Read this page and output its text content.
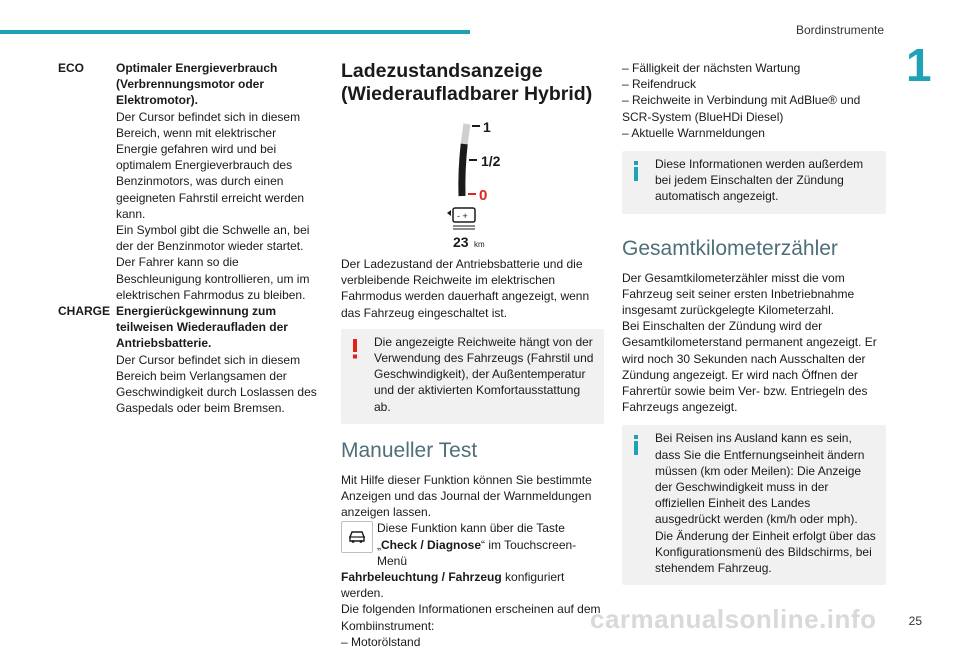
Bordinstrumente
1
ECO	Optimaler Energieverbrauch (Verbrennungsmotor oder Elektromotor).
Der Cursor befindet sich in diesem Bereich, wenn mit elektrischer Energie gefahren wird und bei optimalem Energieverbrauch des Benzinmotors, was durch einen geeigneten Fahrstil erreicht werden kann.
Ein Symbol gibt die Schwelle an, bei der der Benzinmotor wieder startet. Der Fahrer kann so die Beschleunigung kontrollieren, um im elektrischen Fahrmodus zu bleiben.
CHARGE Energierückgewinnung zum teilweisen Wiederaufladen der Antriebsbatterie.
Der Cursor befindet sich in diesem Bereich beim Verlangsamen der Geschwindigkeit durch Loslassen des Gaspedals oder beim Bremsen.
Ladezustandsanzeige (Wiederaufladbarer Hybrid)
1
1/2
0
- +
23 km

Der Ladezustand der Antriebsbatterie und die verbleibende Reichweite im elektrischen Fahrmodus werden dauerhaft angezeigt, wenn das Fahrzeug eingeschaltet ist.

Die angezeigte Reichweite hängt von der Verwendung des Fahrzeugs (Fahrstil und Geschwindigkeit), der Außentemperatur und der aktivierten Komfortausstattung ab.
Manueller Test

Mit Hilfe dieser Funktion können Sie bestimmte Anzeigen und das Journal der Warnmeldungen anzeigen lassen.

Diese Funktion kann über die Taste „Check / Diagnose“ im Touchscreen-Menü

Fahrbeleuchtung / Fahrzeug konfiguriert werden.

Die folgenden Informationen erscheinen auf dem Kombiinstrument:

– Motorölstand

– Fälligkeit der nächsten Wartung

– Reifendruck

– Reichweite in Verbindung mit AdBlue® und SCR-System (BlueHDi Diesel)

– Aktuelle Warnmeldungen

Diese Informationen werden außerdem bei jedem Einschalten der Zündung automatisch angezeigt.
Gesamtkilometerzähler

Der Gesamtkilometerzähler misst die vom Fahrzeug seit seiner ersten Inbetriebnahme insgesamt zurückgelegte Kilometerzahl.

Bei Einschalten der Zündung wird der Gesamtkilometerstand permanent angezeigt. Er wird noch 30 Sekunden nach Ausschalten der Zündung angezeigt. Er wird nach Öffnen der Fahrertür sowie beim Ver- bzw. Entriegeln des Fahrzeugs angezeigt.

Bei Reisen ins Ausland kann es sein, dass Sie die Entfernungseinheit ändern müssen (km oder Meilen): Die Anzeige der Geschwindigkeit muss in der offiziellen Einheit des Landes ausgedrückt werden (km/h oder mph).
Die Änderung der Einheit erfolgt über das Konfigurationsmenü des Bildschirms, bei stehendem Fahrzeug.
carmanualsonline.info	25
